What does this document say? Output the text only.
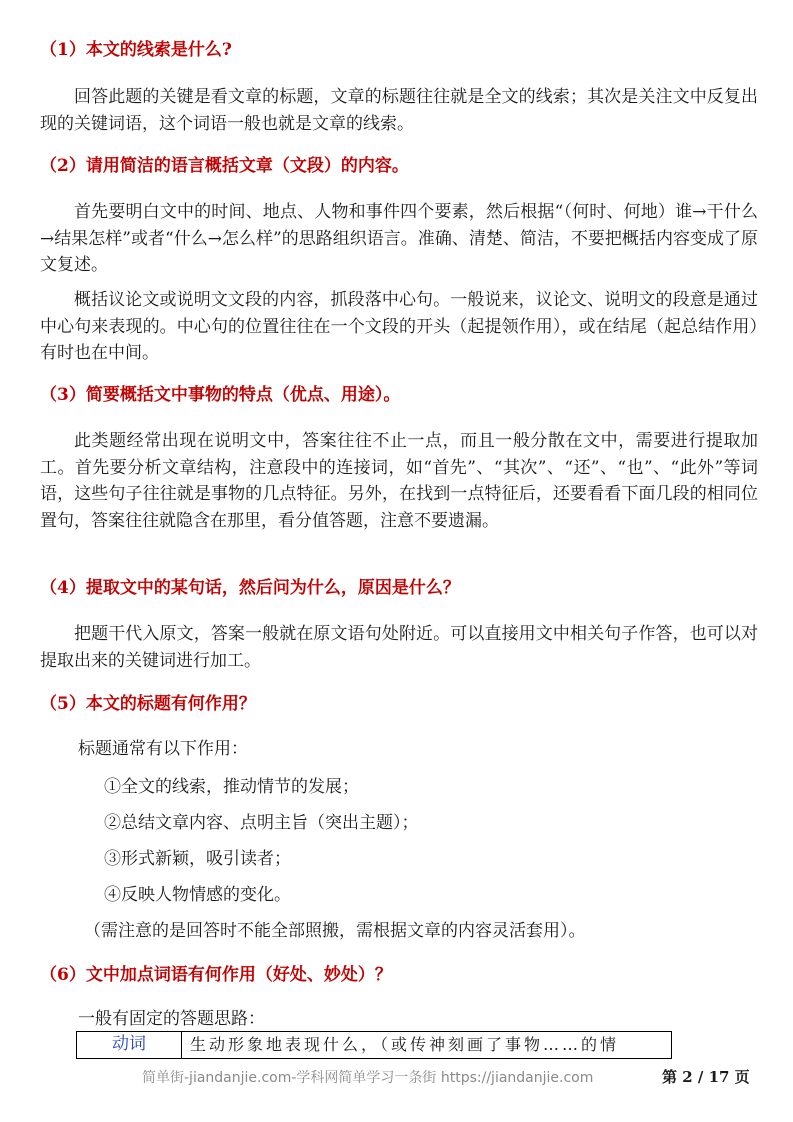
（1）本文的线索是什么?
回答此题的关键是看文章的标题，文章的标题往往就是全文的线索；其次是关注文中反复出现的关键词语，这个词语一般也就是文章的线索。
（2）请用简洁的语言概括文章（文段）的内容。
首先要明白文中的时间、地点、人物和事件四个要素，然后根据“（何时、何地）谁→干什么→结果怎样”或者“什么→怎么样”的思路组织语言。准确、清楚、简洁，不要把概括内容变成了原文复述。
概括议论文或说明文文段的内容，抓段落中心句。一般说来，议论文、说明文的段意是通过中心句来表现的。中心句的位置往往在一个文段的开头（起提领作用），或在结尾（起总结作用）有时也在中间。
（3）简要概括文中事物的特点（优点、用途）。
此类题经常出现在说明文中，答案往往不止一点，而且一般分散在文中，需要进行提取加工。首先要分析文章结构，注意段中的连接词，如“首先”、“其次”、“还”、“也”、“此外”等词语，这些句子往往就是事物的几点特征。另外，在找到一点特征后，还要看看下面几段的相同位置句，答案往往就隐含在那里，看分值答题，注意不要遗漏。
（4）提取文中的某句话，然后问为什么，原因是什么？
把题干代入原文，答案一般就在原文语句处附近。可以直接用文中相关句子作答，也可以对提取出来的关键词进行加工。
（5）本文的标题有何作用？
标题通常有以下作用：
①全文的线索，推动情节的发展；
②总结文章内容、点明主旨（突出主题）；
③形式新颖，吸引读者；
④反映人物情感的变化。
（需注意的是回答时不能全部照搬，需根据文章的内容灵活套用）。
（6）文中加点词语有何作用（好处、妙处）？
一般有固定的答题思路：
动词	生动形象地表现什么，（或传神刻画了事物……的情
简单街-jiandanjie.com-学科网简单学习一条街 https://jiandanjie.com	第 2 / 17 页
